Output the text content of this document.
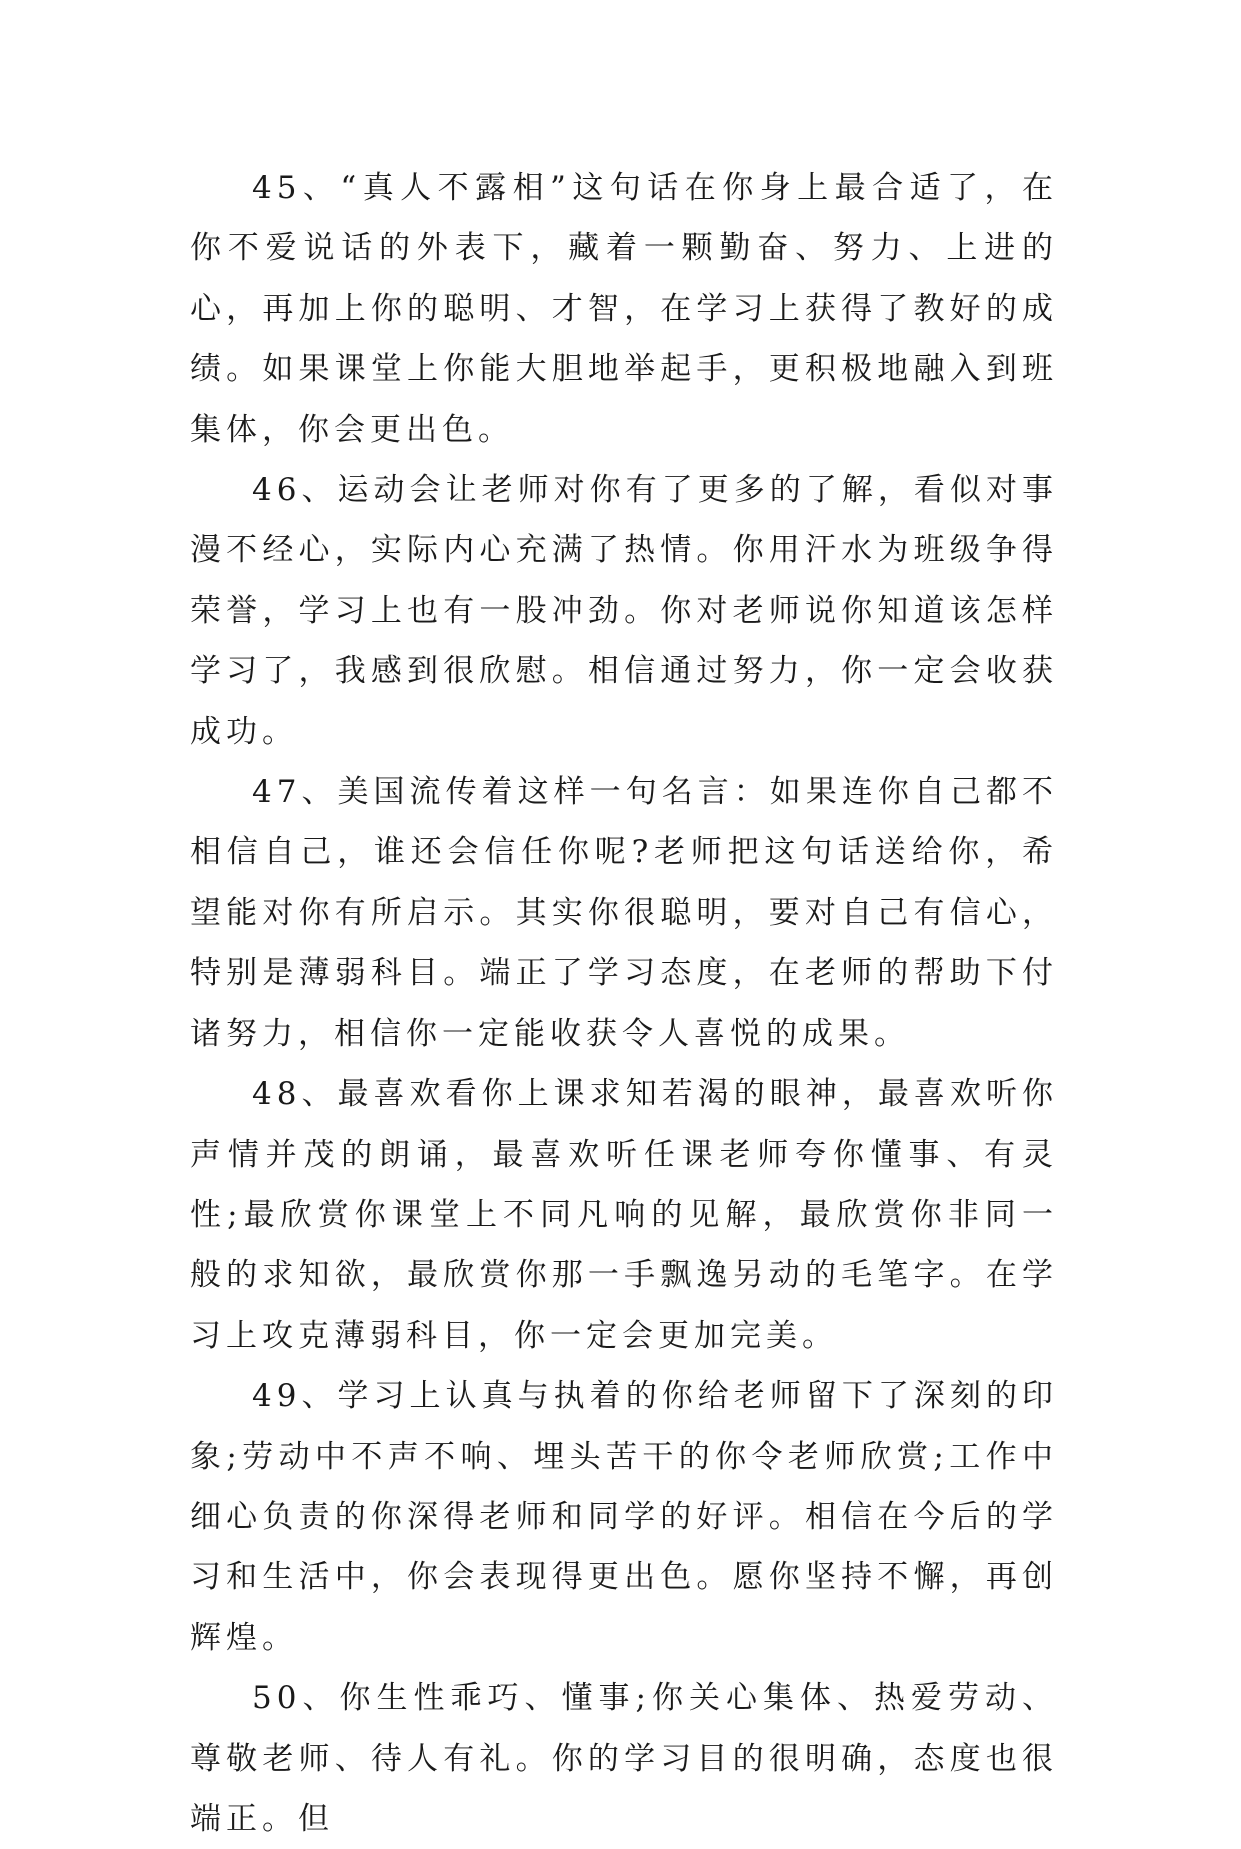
45、“真人不露相”这句话在你身上最合适了，在你不爱说话的外表下，藏着一颗勤奋、努力、上进的心，再加上你的聪明、才智，在学习上获得了教好的成绩。如果课堂上你能大胆地举起手，更积极地融入到班集体，你会更出色。

46、运动会让老师对你有了更多的了解，看似对事漫不经心，实际内心充满了热情。你用汗水为班级争得荣誉，学习上也有一股冲劲。你对老师说你知道该怎样学习了，我感到很欣慰。相信通过努力，你一定会收获成功。

47、美国流传着这样一句名言：如果连你自己都不相信自己，谁还会信任你呢?老师把这句话送给你，希望能对你有所启示。其实你很聪明，要对自己有信心，特别是薄弱科目。端正了学习态度，在老师的帮助下付诸努力，相信你一定能收获令人喜悦的成果。

48、最喜欢看你上课求知若渴的眼神，最喜欢听你声情并茂的朗诵，最喜欢听任课老师夸你懂事、有灵性;最欣赏你课堂上不同凡响的见解，最欣赏你非同一般的求知欲，最欣赏你那一手飘逸另动的毛笔字。在学习上攻克薄弱科目，你一定会更加完美。

49、学习上认真与执着的你给老师留下了深刻的印象;劳动中不声不响、埋头苦干的你令老师欣赏;工作中细心负责的你深得老师和同学的好评。相信在今后的学习和生活中，你会表现得更出色。愿你坚持不懈，再创辉煌。

50、你生性乖巧、懂事;你关心集体、热爱劳动、尊敬老师、待人有礼。你的学习目的很明确，态度也很端正。但
